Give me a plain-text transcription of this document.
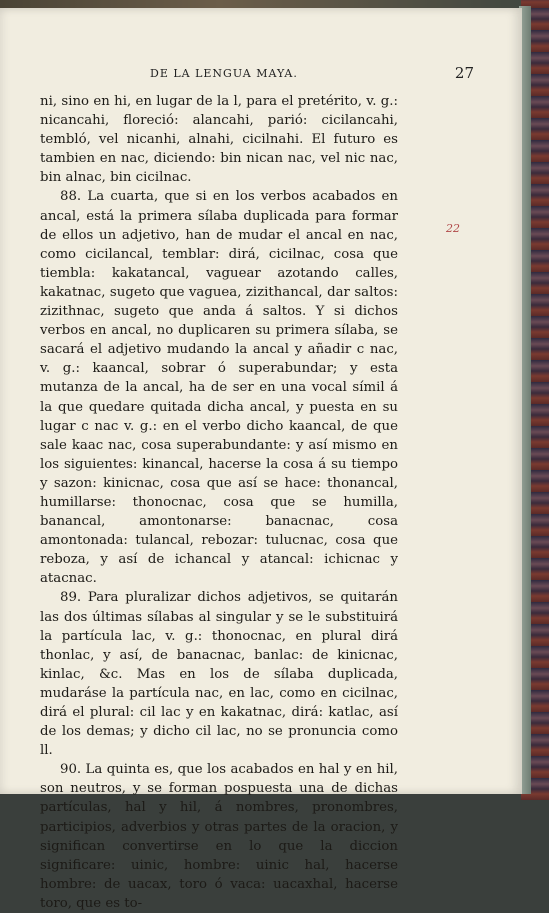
DE LA LENGUA MAYA.	27

ni, sino en hi, en lugar de la l, para el pretérito, v. g.: nicancahi, floreció: alancahi, parió: cicilancahi, tembló, vel nicanhi, alnahi, cicilnahi. El futuro es tambien en nac, diciendo: bin nican nac, vel nic nac, bin alnac, bin cicilnac.

88. La cuarta, que si en los verbos acabados en ancal, está la primera sílaba duplicada para formar de ellos un adjetivo, han de mudar el ancal en nac, como cicilancal, temblar: dirá, cicilnac, cosa que tiembla: kakatancal, vaguear azotando calles, kakatnac, sugeto que vaguea, zizithancal, dar saltos: zizithnac, sugeto que anda á saltos. Y si dichos verbos en ancal, no duplicaren su primera sílaba, se sacará el adjetivo mudando la ancal y añadir c nac, v. g.: kaancal, sobrar ó superabundar; y esta mutanza de la ancal, ha de ser en una vocal símil á la que quedare quitada dicha ancal, y puesta en su lugar c nac v. g.: en el verbo dicho kaancal, de que sale kaac nac, cosa superabundante: y así mismo en los siguientes: kinancal, hacerse la cosa á su tiempo y sazon: kinicnac, cosa que así se hace: thonancal, humillarse: thonocnac, cosa que se humilla, banancal, amontonarse: banacnac, cosa amontonada: tulancal, rebozar: tulucnac, cosa que reboza, y así de ichancal y atancal: ichicnac y atacnac.

89. Para pluralizar dichos adjetivos, se quitarán las dos últimas sílabas al singular y se le substituirá la partícula lac, v. g.: thonocnac, en plural dirá thonlac, y así, de banacnac, banlac: de kinicnac, kinlac, &c. Mas en los de sílaba duplicada, mudaráse la partícula nac, en lac, como en cicilnac, dirá el plural: cil lac y en kakatnac, dirá: katlac, así de los demas; y dicho cil lac, no se pronuncia como ll.

90. La quinta es, que los acabados en hal y en hil, son neutros, y se forman pospuesta una de dichas partículas, hal y hil, á nombres, pronombres, participios, adverbios y otras partes de la oracion, y significan convertirse en lo que la diccion significare: uinic, hombre: uinic hal, hacerse hombre: de uacax, toro ó vaca: uacaxhal, hacerse toro, que es to-

22
